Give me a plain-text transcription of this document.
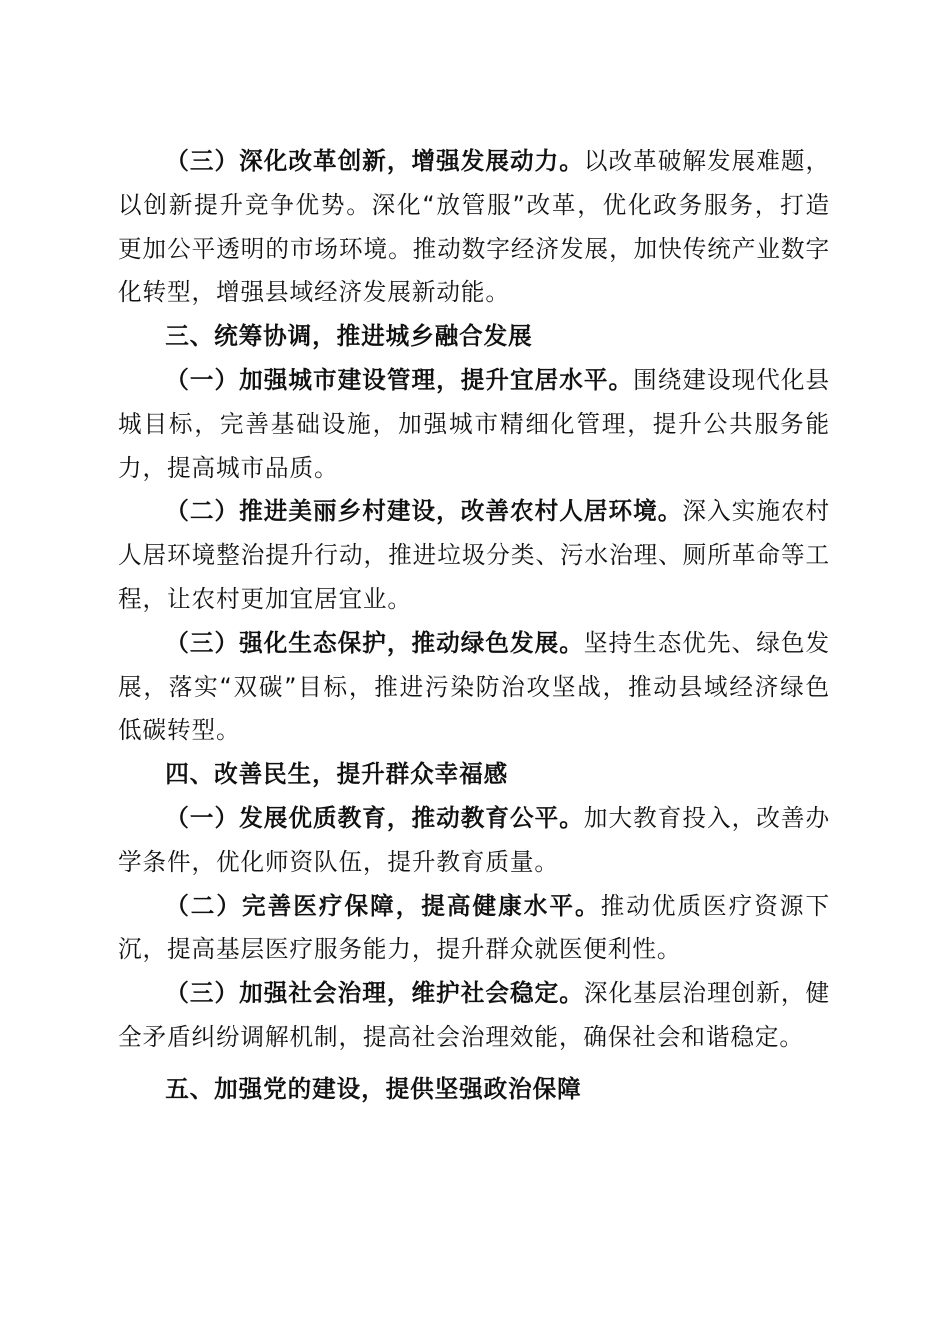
（三）深化改革创新，增强发展动力。以改革破解发展难题，以创新提升竞争优势。深化“放管服”改革，优化政务服务，打造更加公平透明的市场环境。推动数字经济发展，加快传统产业数字化转型，增强县域经济发展新动能。

三、统筹协调，推进城乡融合发展

（一）加强城市建设管理，提升宜居水平。围绕建设现代化县城目标，完善基础设施，加强城市精细化管理，提升公共服务能力，提高城市品质。

（二）推进美丽乡村建设，改善农村人居环境。深入实施农村人居环境整治提升行动，推进垃圾分类、污水治理、厕所革命等工程，让农村更加宜居宜业。

（三）强化生态保护，推动绿色发展。坚持生态优先、绿色发展，落实“双碳”目标，推进污染防治攻坚战，推动县域经济绿色低碳转型。

四、改善民生，提升群众幸福感

（一）发展优质教育，推动教育公平。加大教育投入，改善办学条件，优化师资队伍，提升教育质量。

（二）完善医疗保障，提高健康水平。推动优质医疗资源下沉，提高基层医疗服务能力，提升群众就医便利性。

（三）加强社会治理，维护社会稳定。深化基层治理创新，健全矛盾纠纷调解机制，提高社会治理效能，确保社会和谐稳定。

五、加强党的建设，提供坚强政治保障
